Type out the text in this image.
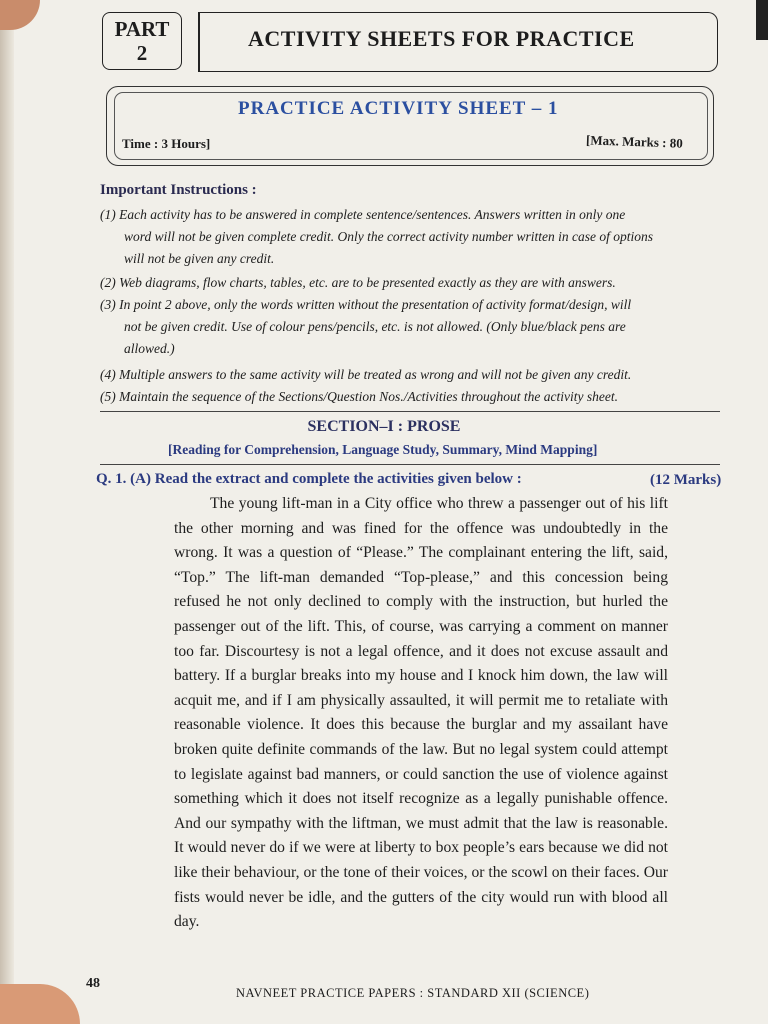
PART
2
ACTIVITY SHEETS FOR PRACTICE
PRACTICE ACTIVITY SHEET – 1
Time : 3 Hours]	[Max. Marks : 80
Important Instructions :
(1) Each activity has to be answered in complete sentence/sentences. Answers written in only one
word will not be given complete credit. Only the correct activity number written in case of options
will not be given any credit.
(2) Web diagrams, flow charts, tables, etc. are to be presented exactly as they are with answers.
(3) In point 2 above, only the words written without the presentation of activity format/design, will
not be given credit. Use of colour pens/pencils, etc. is not allowed. (Only blue/black pens are
allowed.)
(4) Multiple answers to the same activity will be treated as wrong and will not be given any credit.
(5) Maintain the sequence of the Sections/Question Nos./Activities throughout the activity sheet.
SECTION–I : PROSE
[Reading for Comprehension, Language Study, Summary, Mind Mapping]
Q. 1. (A) Read the extract and complete the activities given below :	(12 Marks)

The young lift-man in a City office who threw a passenger out of his lift the other morning and was fined for the offence was undoubtedly in the wrong. It was a question of “Please.” The complainant entering the lift, said, “Top.” The lift-man demanded “Top-please,” and this concession being refused he not only declined to comply with the instruction, but hurled the passenger out of the lift. This, of course, was carrying a comment on manner too far. Discourtesy is not a legal offence, and it does not excuse assault and battery. If a burglar breaks into my house and I knock him down, the law will acquit me, and if I am physically assaulted, it will permit me to retaliate with reasonable violence. It does this because the burglar and my assailant have broken quite definite commands of the law. But no legal system could attempt to legislate against bad manners, or could sanction the use of violence against something which it does not itself recognize as a legally punishable offence. And our sympathy with the liftman, we must admit that the law is reasonable. It would never do if we were at liberty to box people’s ears because we did not like their behaviour, or the tone of their voices, or the scowl on their faces. Our fists would never be idle, and the gutters of the city would run with blood all day.

48
NAVNEET PRACTICE PAPERS : STANDARD XII (SCIENCE)
